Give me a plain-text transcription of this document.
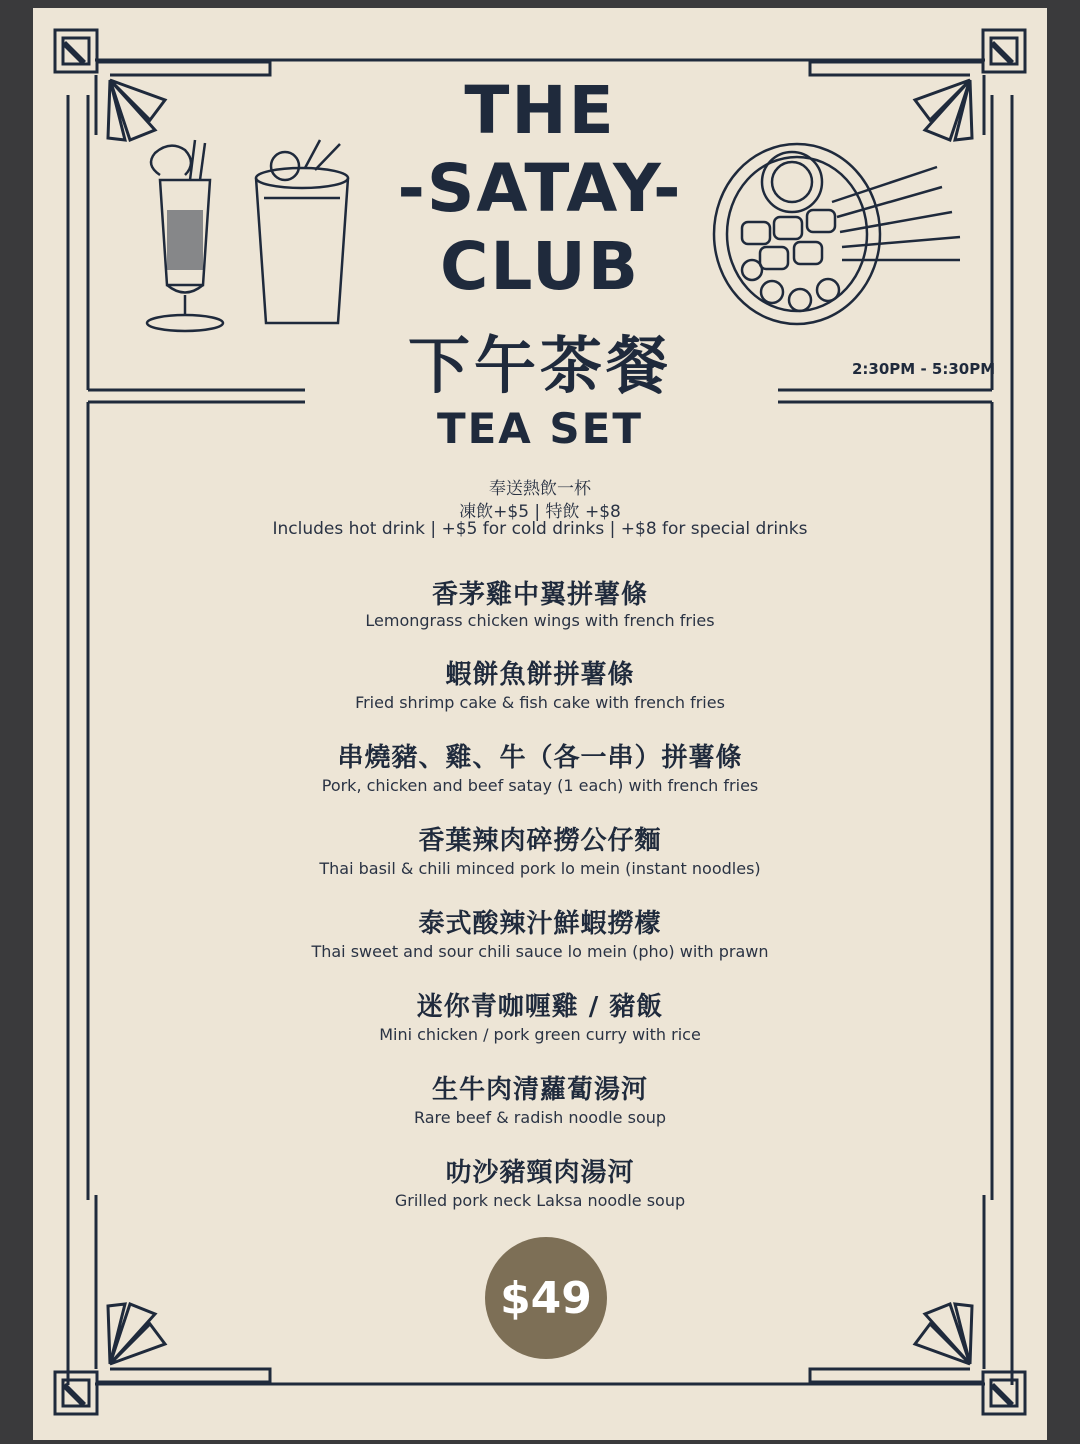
THE
-SATAY-
CLUB
下午茶餐
TEA SET
2:30PM - 5:30PM
奉送熱飲一杯
凍飲+$5 | 特飲 +$8
Includes hot drink | +$5 for cold drinks | +$8 for special drinks
香茅雞中翼拼薯條
Lemongrass chicken wings with french fries
蝦餅魚餅拼薯條
Fried shrimp cake & fish cake with french fries
串燒豬、雞、牛（各一串）拼薯條
Pork, chicken and beef satay (1 each) with french fries
香葉辣肉碎撈公仔麵
Thai basil & chili minced pork lo mein (instant noodles)
泰式酸辣汁鮮蝦撈檬
Thai sweet and sour chili sauce lo mein (pho) with prawn
迷你青咖喱雞 / 豬飯
Mini chicken / pork green curry with rice
生牛肉清蘿蔔湯河
Rare beef & radish noodle soup
叻沙豬頸肉湯河
Grilled pork neck Laksa noodle soup
$49
